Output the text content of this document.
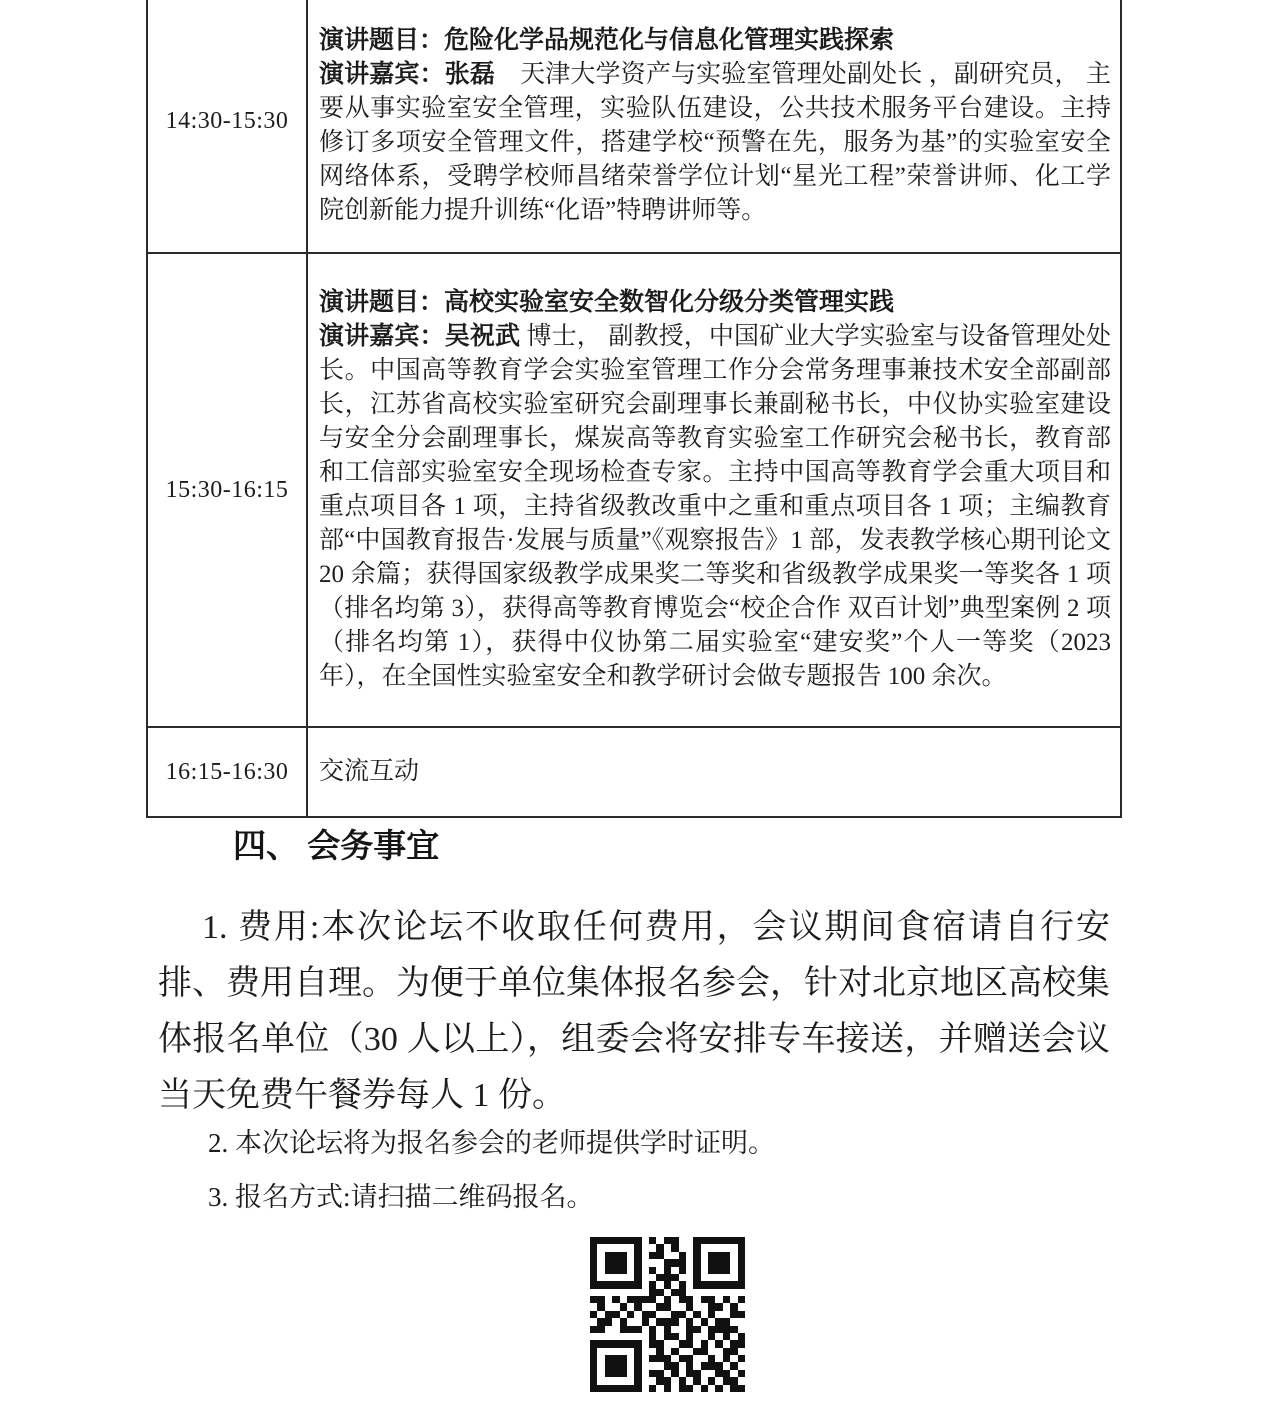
14:30-15:30	演讲题目：危险化学品规范化与信息化管理实践探索
演讲嘉宾：张磊　天津大学资产与实验室管理处副处长 ，副研究员， 主要从事实验室安全管理，实验队伍建设，公共技术服务平台建设。主持修订多项安全管理文件，搭建学校“预警在先，服务为基”的实验室安全网络体系，受聘学校师昌绪荣誉学位计划“星光工程”荣誉讲师、化工学院创新能力提升训练“化语”特聘讲师等。

15:30-16:15	演讲题目：高校实验室安全数智化分级分类管理实践
演讲嘉宾：吴祝武 博士， 副教授，中国矿业大学实验室与设备管理处处长。中国高等教育学会实验室管理工作分会常务理事兼技术安全部副部长，江苏省高校实验室研究会副理事长兼副秘书长，中仪协实验室建设与安全分会副理事长，煤炭高等教育实验室工作研究会秘书长，教育部和工信部实验室安全现场检查专家。主持中国高等教育学会重大项目和重点项目各 1 项，主持省级教改重中之重和重点项目各 1 项；主编教育部“中国教育报告·发展与质量”《观察报告》1 部，发表教学核心期刊论文 20 余篇；获得国家级教学成果奖二等奖和省级教学成果奖一等奖各 1 项（排名均第 3），获得高等教育博览会“校企合作 双百计划”典型案例 2 项（排名均第 1），获得中仪协第二届实验室“建安奖”个人一等奖（2023 年），在全国性实验室安全和教学研讨会做专题报告 100 余次。

16:15-16:30	交流互动
四、 会务事宜

1. 费用:本次论坛不收取任何费用，会议期间食宿请自行安排、费用自理。为便于单位集体报名参会，针对北京地区高校集体报名单位（30 人以上），组委会将安排专车接送，并赠送会议当天免费午餐券每人 1 份。

2. 本次论坛将为报名参会的老师提供学时证明。

3. 报名方式:请扫描二维码报名。
